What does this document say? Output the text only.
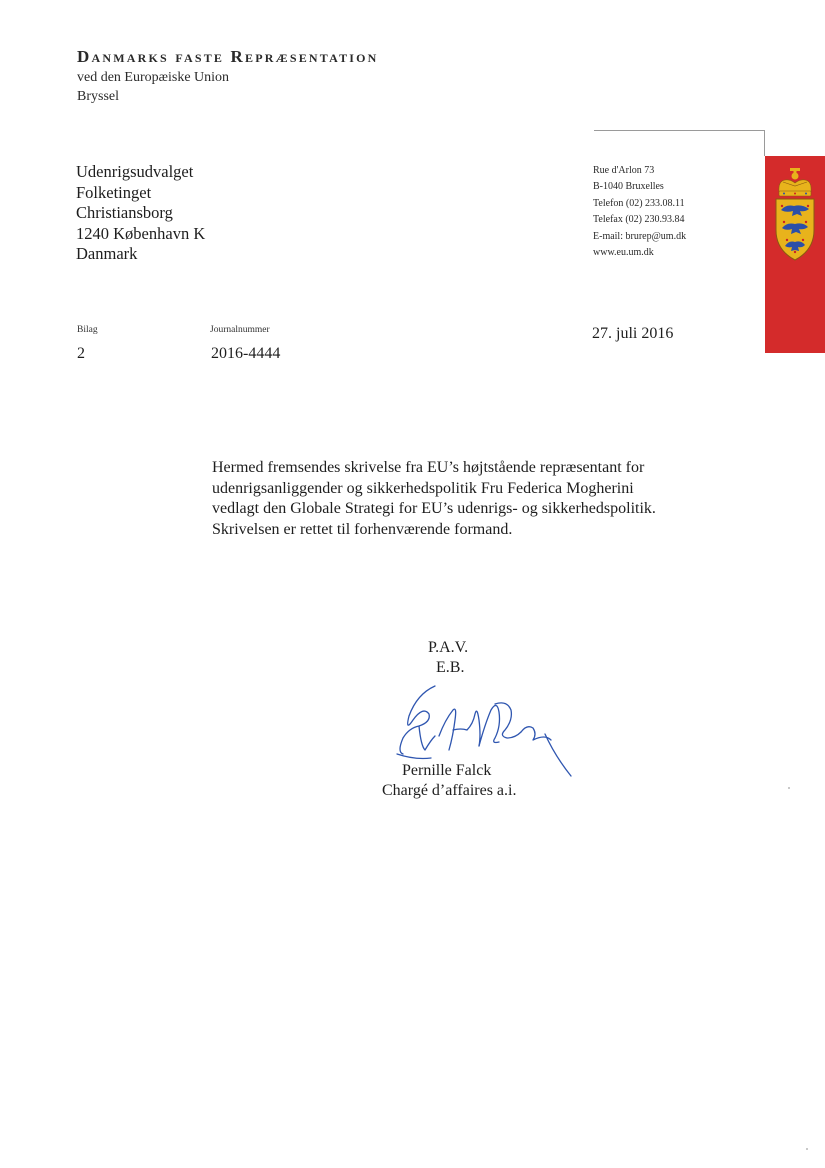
Danmarks faste Repræsentation
ved den Europæiske Union
Bryssel
Udenrigsudvalget
Folketinget
Christiansborg
1240 København K
Danmark
Rue d'Arlon 73
B-1040 Bruxelles
Telefon (02) 233.08.11
Telefax (02) 230.93.84
E-mail: brurep@um.dk
www.eu.um.dk
Bilag
2
Journalnummer
2016-4444
27. juli 2016
Hermed fremsendes skrivelse fra EU’s højtstående repræsentant for
udenrigsanliggender og sikkerhedspolitik Fru Federica Mogherini
vedlagt den Globale Strategi for EU’s udenrigs- og sikkerhedspolitik.
Skrivelsen er rettet til forhenværende formand.
P.A.V.
E.B.
Pernille Falck
Chargé d’affaires a.i.
